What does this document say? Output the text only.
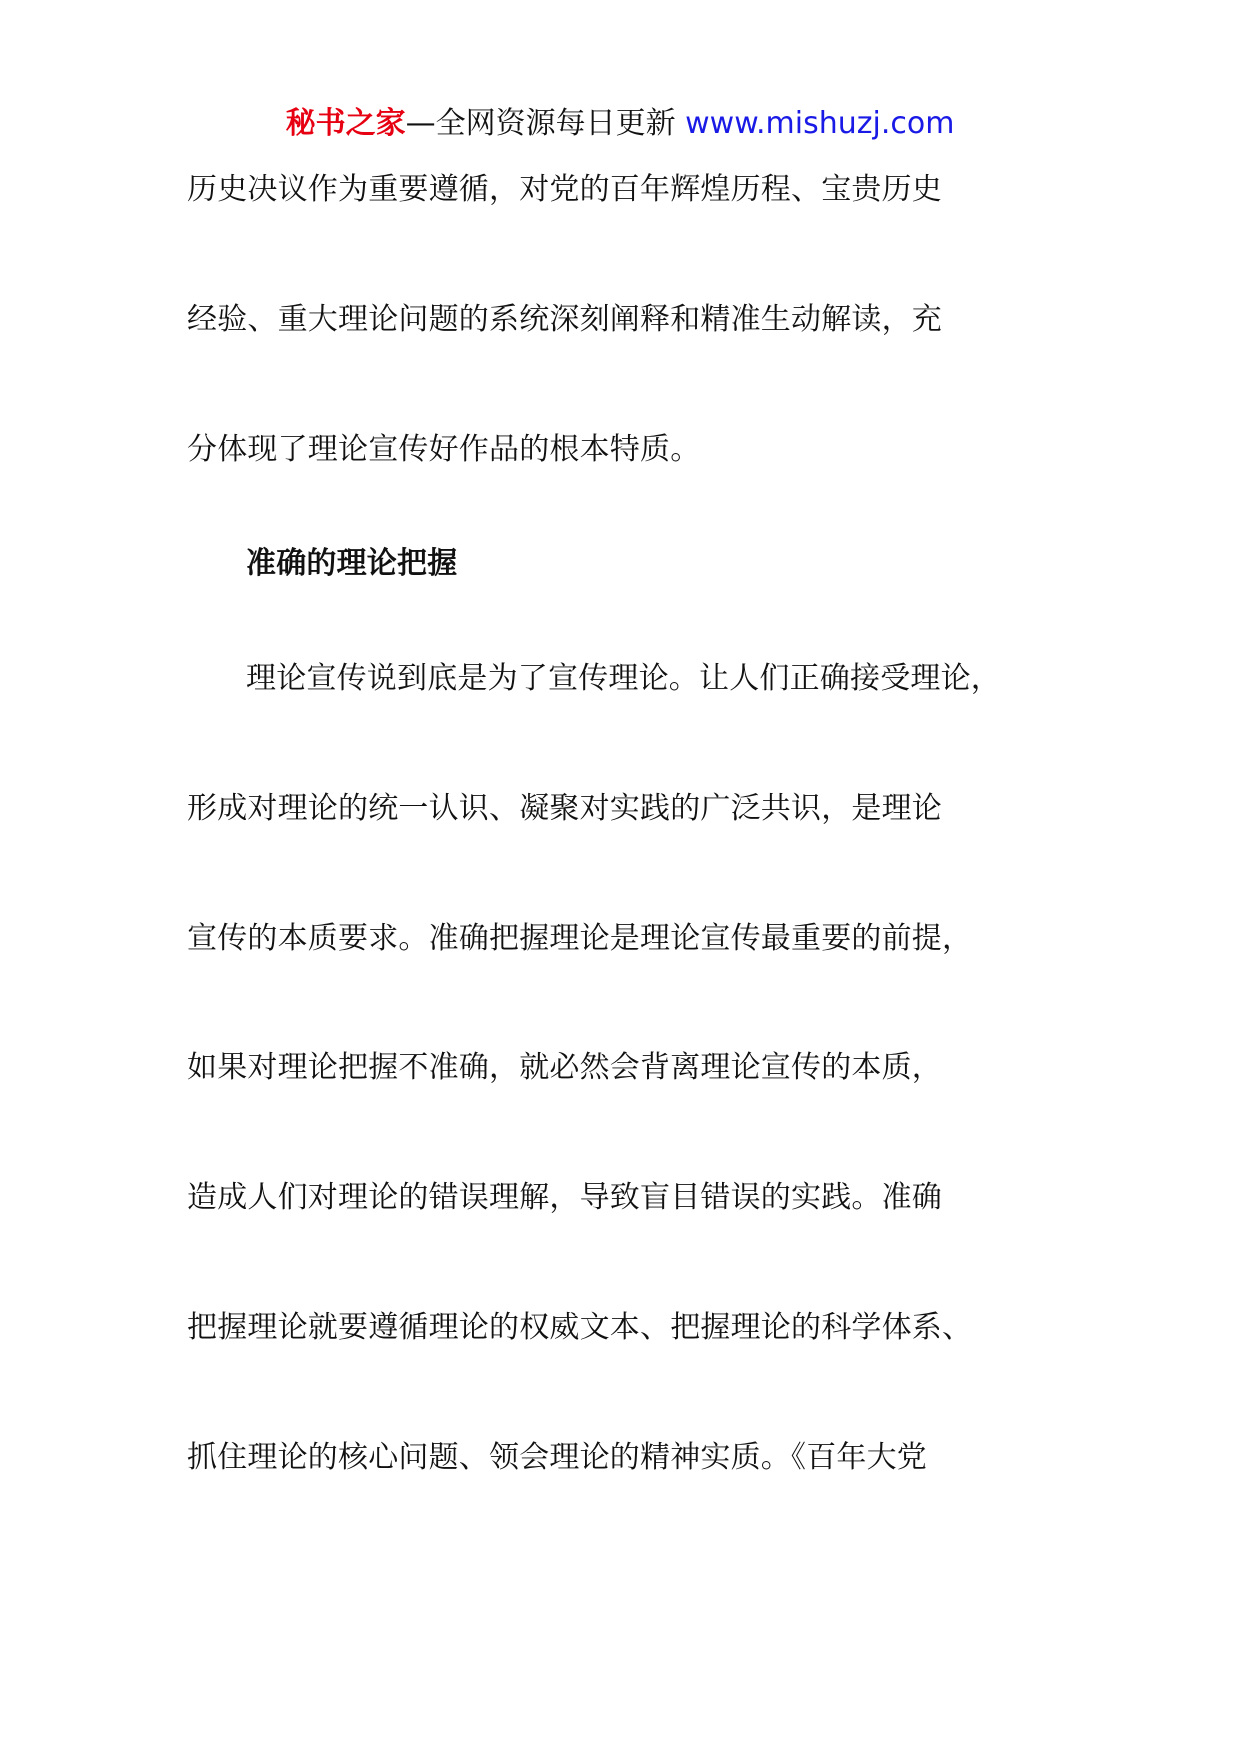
秘书之家—全网资源每日更新 www.mishuzj.com
历史决议作为重要遵循，对党的百年辉煌历程、宝贵历史
经验、重大理论问题的系统深刻阐释和精准生动解读，充
分体现了理论宣传好作品的根本特质。
准确的理论把握
理论宣传说到底是为了宣传理论。让人们正确接受理论，
形成对理论的统一认识、凝聚对实践的广泛共识，是理论
宣传的本质要求。准确把握理论是理论宣传最重要的前提，
如果对理论把握不准确，就必然会背离理论宣传的本质，
造成人们对理论的错误理解，导致盲目错误的实践。准确
把握理论就要遵循理论的权威文本、把握理论的科学体系、
抓住理论的核心问题、领会理论的精神实质。《百年大党
